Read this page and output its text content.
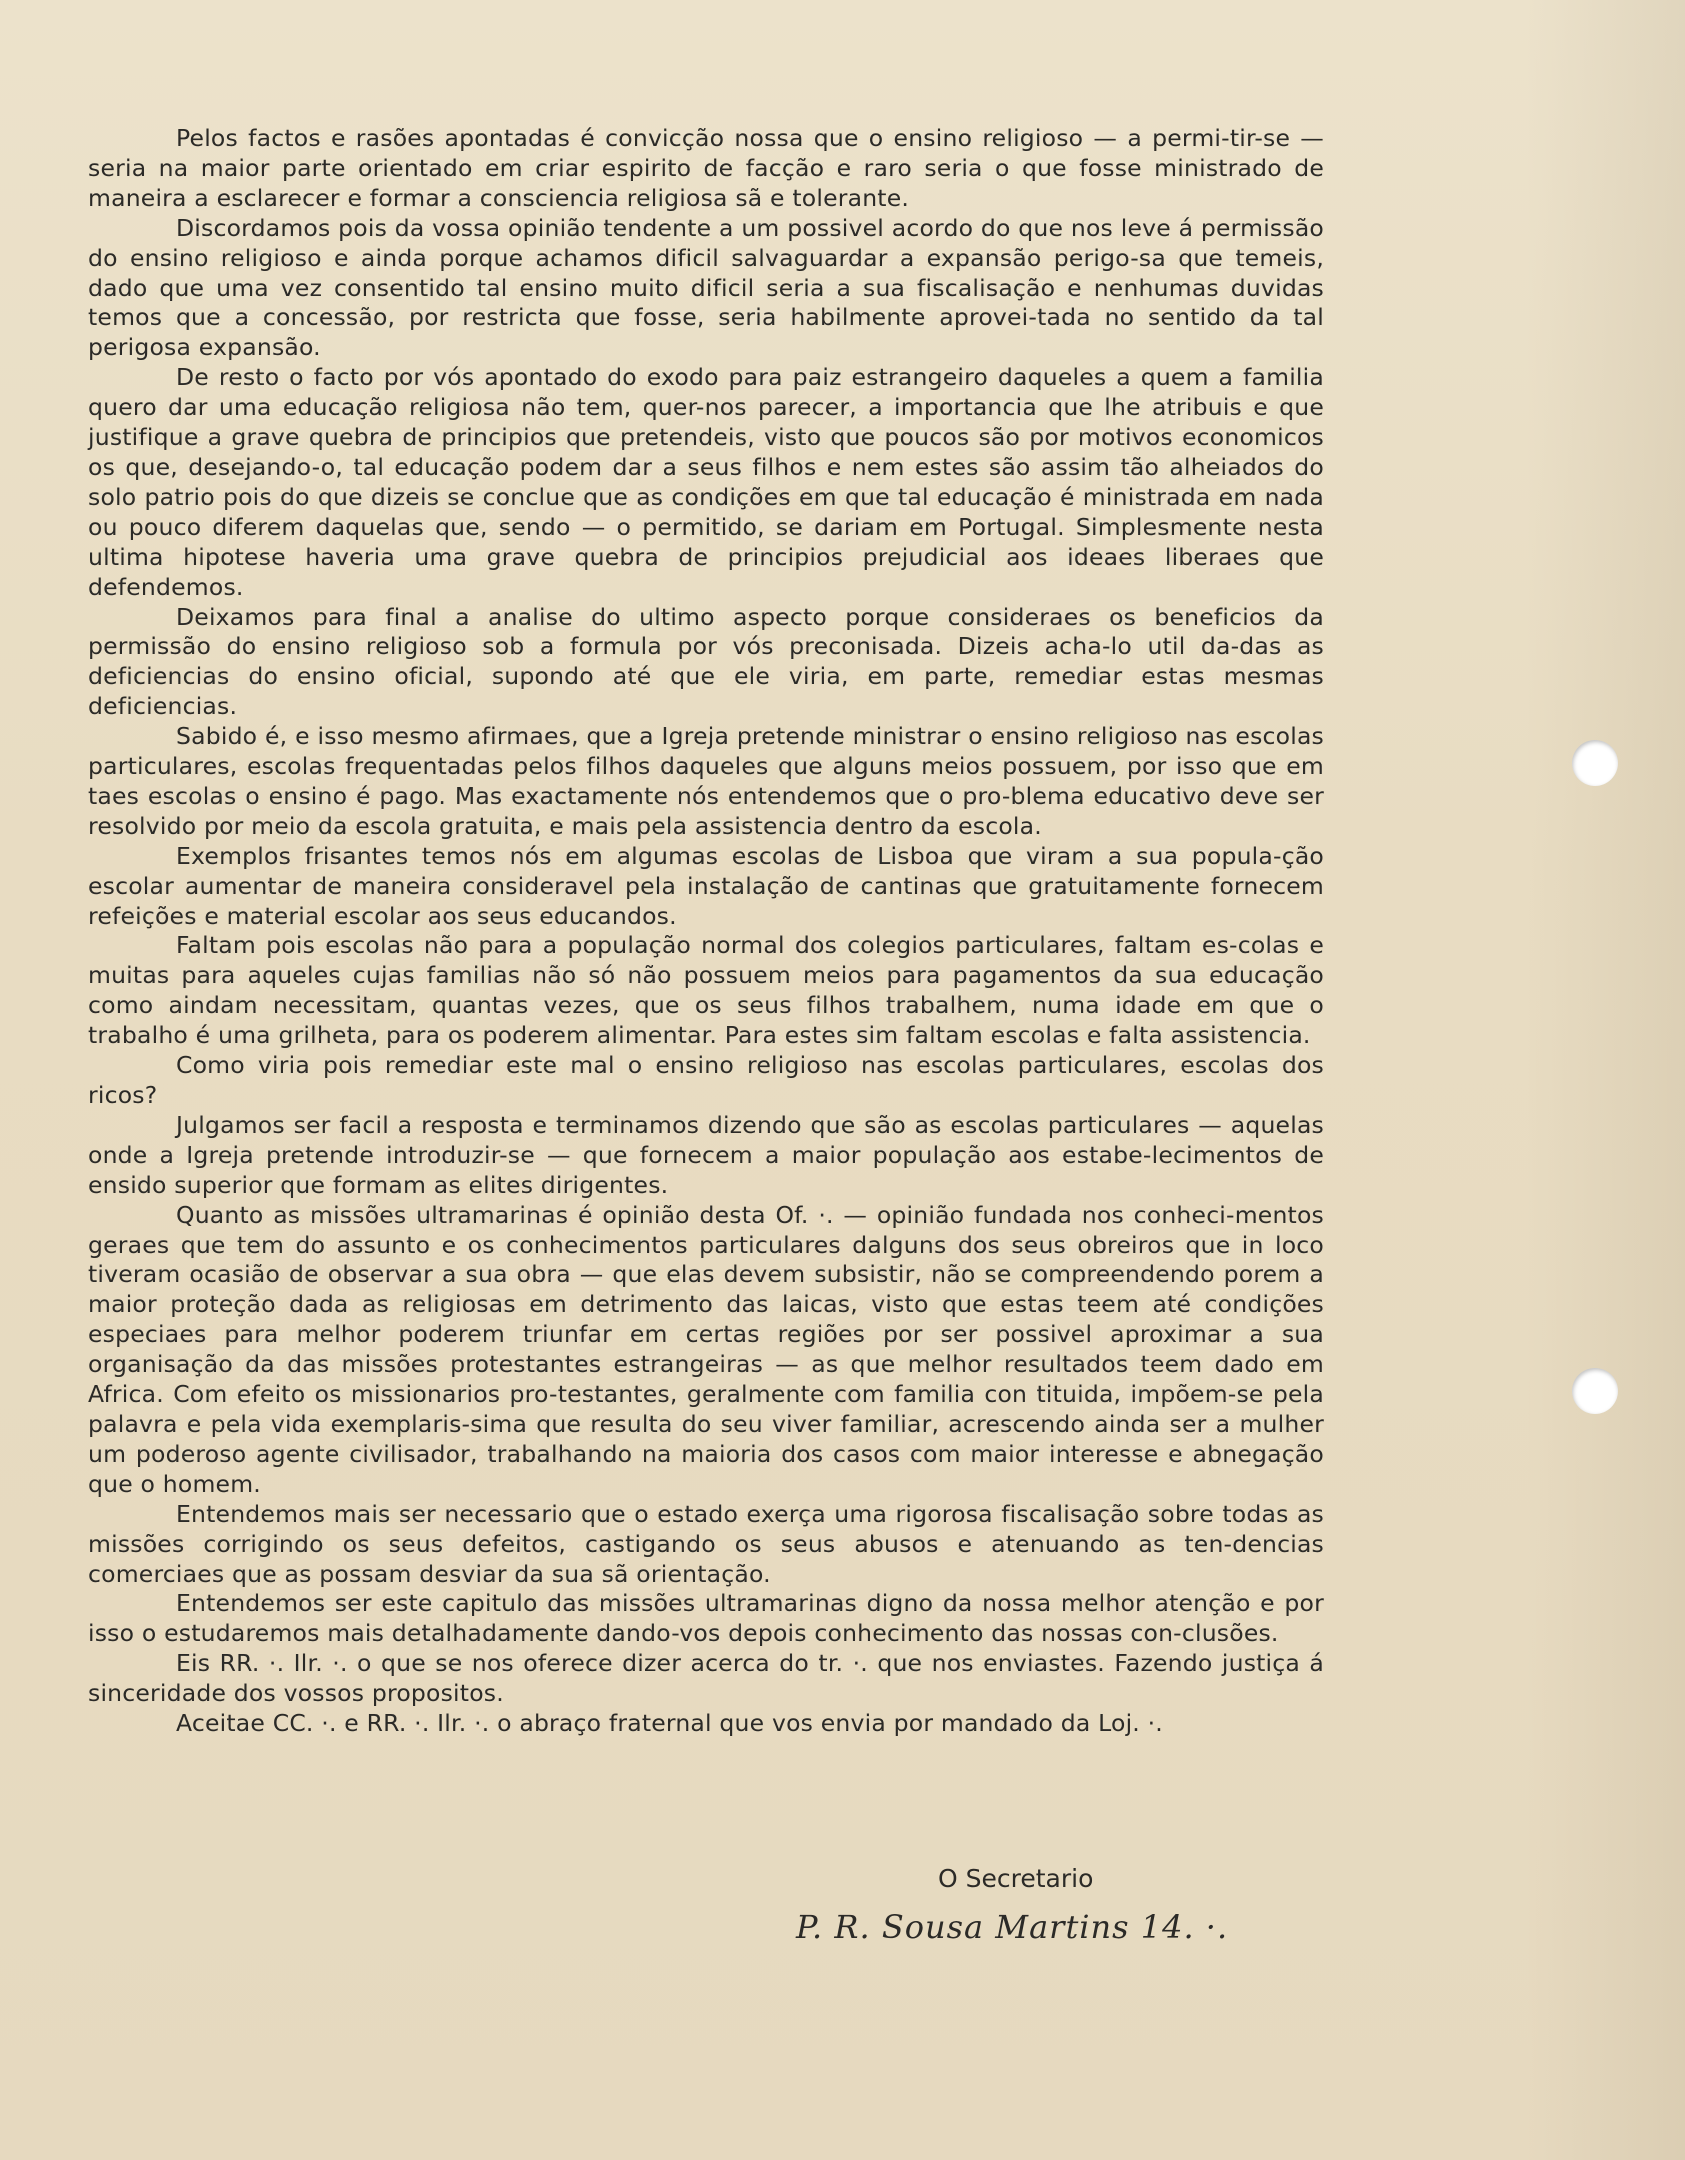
Pelos factos e rasões apontadas é convicção nossa que o ensino religioso — a permi-tir-se — seria na maior parte orientado em criar espirito de facção e raro seria o que fosse ministrado de maneira a esclarecer e formar a consciencia religiosa sã e tolerante.

Discordamos pois da vossa opinião tendente a um possivel acordo do que nos leve á permissão do ensino religioso e ainda porque achamos dificil salvaguardar a expansão perigo-sa que temeis, dado que uma vez consentido tal ensino muito dificil seria a sua fiscalisação e nenhumas duvidas temos que a concessão, por restricta que fosse, seria habilmente aprovei-tada no sentido da tal perigosa expansão.

De resto o facto por vós apontado do exodo para paiz estrangeiro daqueles a quem a familia quero dar uma educação religiosa não tem, quer-nos parecer, a importancia que lhe atribuis e que justifique a grave quebra de principios que pretendeis, visto que poucos são por motivos economicos os que, desejando-o, tal educação podem dar a seus filhos e nem estes são assim tão alheiados do solo patrio pois do que dizeis se conclue que as condições em que tal educação é ministrada em nada ou pouco diferem daquelas que, sendo — o permitido, se dariam em Portugal. Simplesmente nesta ultima hipotese haveria uma grave quebra de principios prejudicial aos ideaes liberaes que defendemos.

Deixamos para final a analise do ultimo aspecto porque consideraes os beneficios da permissão do ensino religioso sob a formula por vós preconisada. Dizeis acha-lo util da-das as deficiencias do ensino oficial, supondo até que ele viria, em parte, remediar estas mesmas deficiencias.

Sabido é, e isso mesmo afirmaes, que a Igreja pretende ministrar o ensino religioso nas escolas particulares, escolas frequentadas pelos filhos daqueles que alguns meios possuem, por isso que em taes escolas o ensino é pago. Mas exactamente nós entendemos que o pro-blema educativo deve ser resolvido por meio da escola gratuita, e mais pela assistencia dentro da escola.

Exemplos frisantes temos nós em algumas escolas de Lisboa que viram a sua popula-ção escolar aumentar de maneira consideravel pela instalação de cantinas que gratuitamente fornecem refeições e material escolar aos seus educandos.

Faltam pois escolas não para a população normal dos colegios particulares, faltam es-colas e muitas para aqueles cujas familias não só não possuem meios para pagamentos da sua educação como aindam necessitam, quantas vezes, que os seus filhos trabalhem, numa idade em que o trabalho é uma grilheta, para os poderem alimentar. Para estes sim faltam escolas e falta assistencia.

Como viria pois remediar este mal o ensino religioso nas escolas particulares, escolas dos ricos?

Julgamos ser facil a resposta e terminamos dizendo que são as escolas particulares — aquelas onde a Igreja pretende introduzir-se — que fornecem a maior população aos estabe-lecimentos de ensido superior que formam as elites dirigentes.

Quanto as missões ultramarinas é opinião desta Of. ·. — opinião fundada nos conheci-mentos geraes que tem do assunto e os conhecimentos particulares dalguns dos seus obreiros que in loco tiveram ocasião de observar a sua obra — que elas devem subsistir, não se compreendendo porem a maior proteção dada as religiosas em detrimento das laicas, visto que estas teem até condições especiaes para melhor poderem triunfar em certas regiões por ser possivel aproximar a sua organisação da das missões protestantes estrangeiras — as que melhor resultados teem dado em Africa. Com efeito os missionarios pro-testantes, geralmente com familia con tituida, impõem-se pela palavra e pela vida exemplaris-sima que resulta do seu viver familiar, acrescendo ainda ser a mulher um poderoso agente civilisador, trabalhando na maioria dos casos com maior interesse e abnegação que o homem.

Entendemos mais ser necessario que o estado exerça uma rigorosa fiscalisação sobre todas as missões corrigindo os seus defeitos, castigando os seus abusos e atenuando as ten-dencias comerciaes que as possam desviar da sua sã orientação.

Entendemos ser este capitulo das missões ultramarinas digno da nossa melhor atenção e por isso o estudaremos mais detalhadamente dando-vos depois conhecimento das nossas con-clusões.

Eis RR. ·. Ilr. ·. o que se nos oferece dizer acerca do tr. ·. que nos enviastes. Fazendo justiça á sinceridade dos vossos propositos.

Aceitae CC. ·. e RR. ·. Ilr. ·. o abraço fraternal que vos envia por mandado da Loj. ·.

O Secretario
P. R. Sousa Martins 14. ·.
